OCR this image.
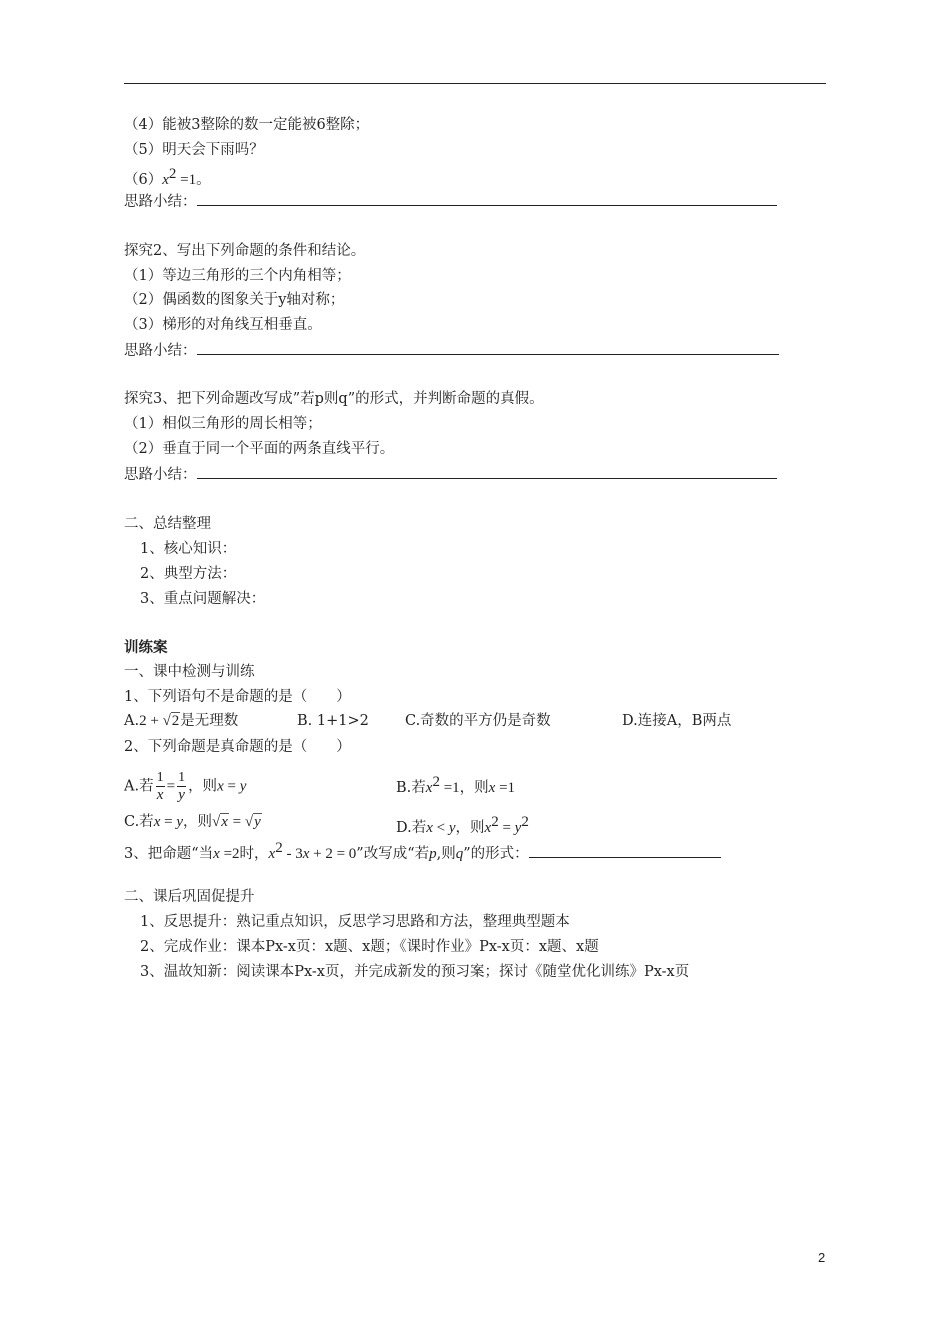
（4）能被3整除的数一定能被6整除；
（5）明天会下雨吗？
$(6)x^2 =1$。
思路小结：
探究2、写出下列命题的条件和结论。
（1）等边三角形的三个内角相等；
（2）偶函数的图象关于y轴对称；
（3）梯形的对角线互相垂直。
思路小结：
探究3、把下列命题改写成”若p则q”的形式，并判断命题的真假。
（1）相似三角形的周长相等；
（2）垂直于同一个平面的两条直线平行。
思路小结：
二、总结整理
1、核心知识：
2、典型方法：
3、重点问题解决：
训练案
一、课中检测与训练
1、下列语句不是命题的是（　　）
A.2 + √2是无理数	B. 1+1>2 C.奇数的平方仍是奇数	D.连接A，B两点
2、下列命题是真命题的是（　　）
A.若 $\frac{1}{x} = \frac{1}{y}$ ，则x = y	B.若$x^2 =1$，则x =1
C.若x = y，则√x = √y	D.若x < y，则$x^2 = y^2$
3、把命题“当x =2时，$x^2 - 3x + 2 = 0$”改写成“若p,则q”的形式：
二、课后巩固促提升
1、反思提升：熟记重点知识，反思学习思路和方法，整理典型题本
2、完成作业：课本Px-x页：x题、x题；《课时作业》Px-x页：x题、x题
3、温故知新：阅读课本Px-x页，并完成新发的预习案；探讨《随堂优化训练》Px-x页
2
